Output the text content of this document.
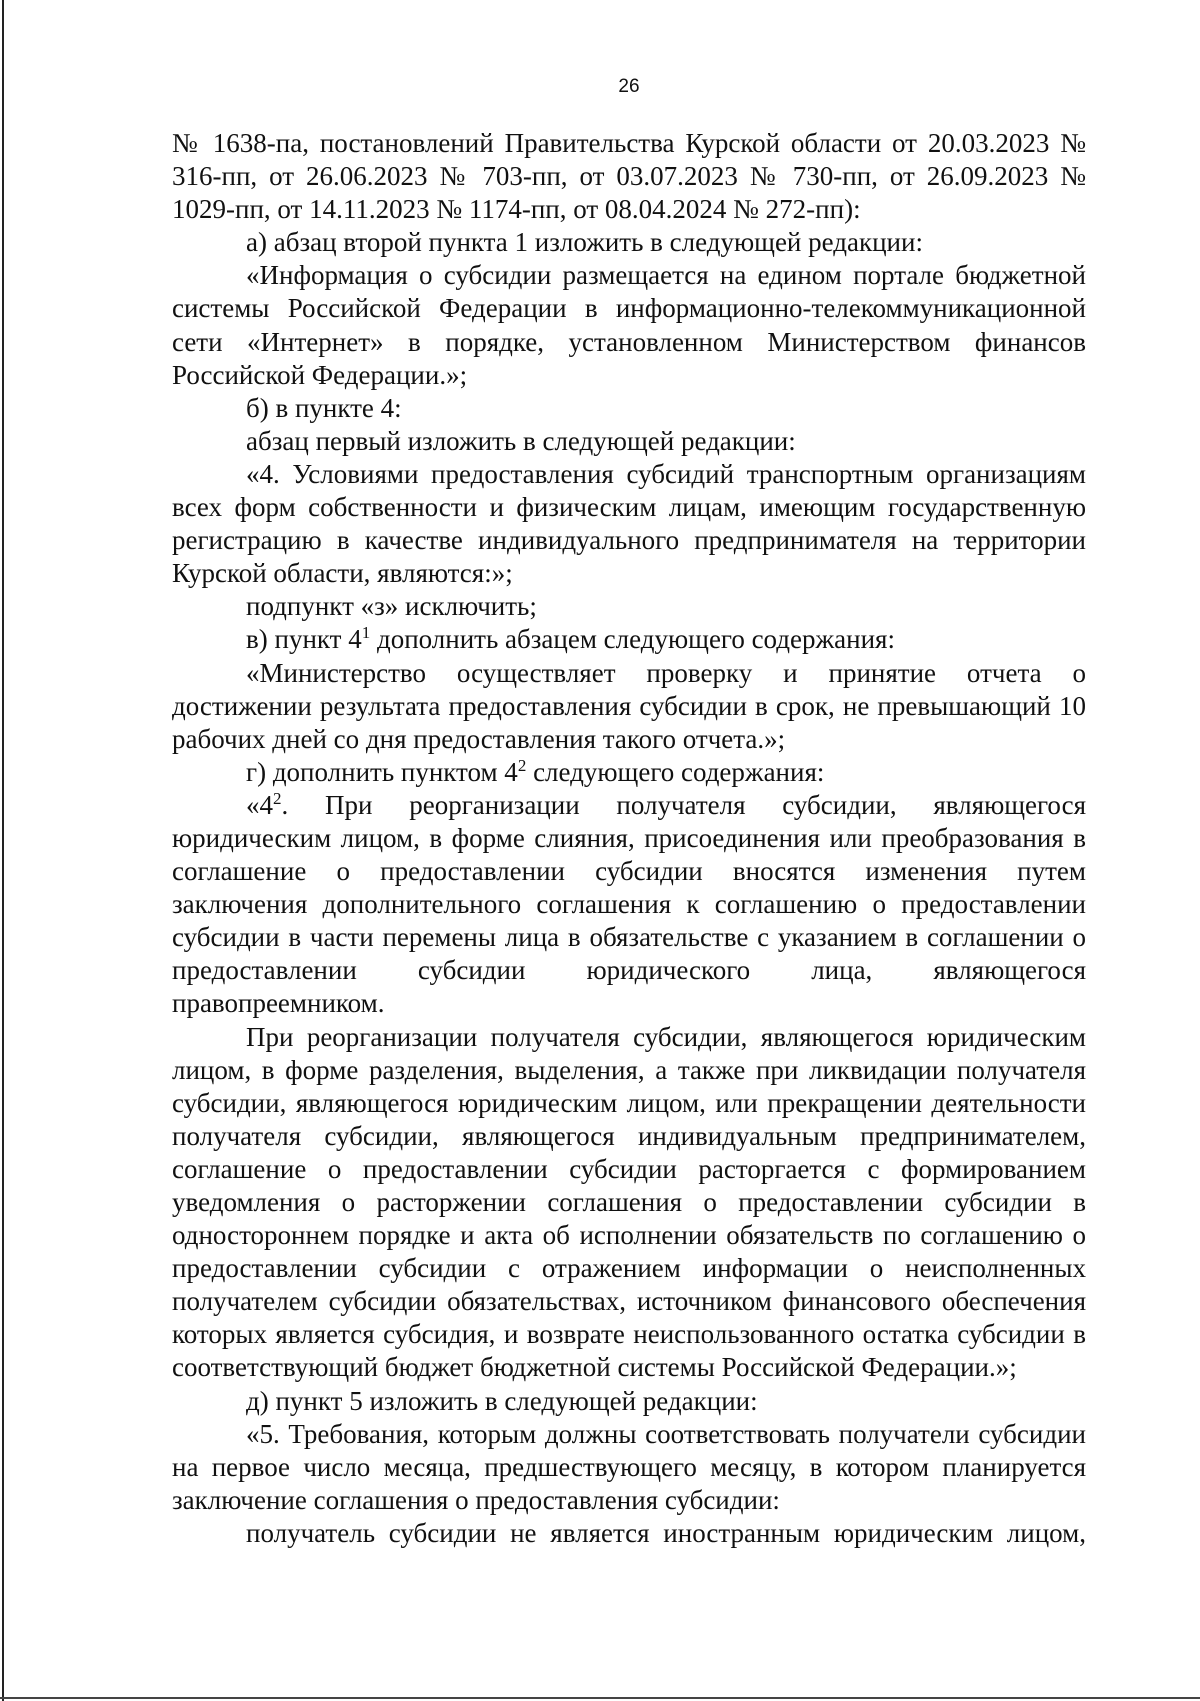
26

№ 1638-па, постановлений Правительства Курской области от 20.03.2023 № 316-пп, от 26.06.2023 № 703-пп, от 03.07.2023 № 730-пп, от 26.09.2023 № 1029-пп, от 14.11.2023 № 1174-пп, от 08.04.2024 № 272-пп):

а) абзац второй пункта 1 изложить в следующей редакции:

«Информация о субсидии размещается на едином портале бюджетной системы Российской Федерации в информационно-телекоммуникационной сети «Интернет» в порядке, установленном Министерством финансов Российской Федерации.»;

б) в пункте 4:

абзац первый изложить в следующей редакции:

«4. Условиями предоставления субсидий транспортным организациям всех форм собственности и физическим лицам, имеющим государственную регистрацию в качестве индивидуального предпринимателя на территории Курской области, являются:»;

подпункт «з» исключить;

в) пункт $4^1$ дополнить абзацем следующего содержания:

«Министерство осуществляет проверку и принятие отчета о достижении результата предоставления субсидии в срок, не превышающий 10 рабочих дней со дня предоставления такого отчета.»;

г) дополнить пунктом $4^2$ следующего содержания:

«$4^2$. При реорганизации получателя субсидии, являющегося юридическим лицом, в форме слияния, присоединения или преобразования в соглашение о предоставлении субсидии вносятся изменения путем заключения дополнительного соглашения к соглашению о предоставлении субсидии в части перемены лица в обязательстве с указанием в соглашении о предоставлении субсидии юридического лица, являющегося правопреемником.

При реорганизации получателя субсидии, являющегося юридическим лицом, в форме разделения, выделения, а также при ликвидации получателя субсидии, являющегося юридическим лицом, или прекращении деятельности получателя субсидии, являющегося индивидуальным предпринимателем, соглашение о предоставлении субсидии расторгается с формированием уведомления о расторжении соглашения о предоставлении субсидии в одностороннем порядке и акта об исполнении обязательств по соглашению о предоставлении субсидии с отражением информации о неисполненных получателем субсидии обязательствах, источником финансового обеспечения которых является субсидия, и возврате неиспользованного остатка субсидии в соответствующий бюджет бюджетной системы Российской Федерации.»;

д) пункт 5 изложить в следующей редакции:

«5. Требования, которым должны соответствовать получатели субсидии на первое число месяца, предшествующего месяцу, в котором планируется заключение соглашения о предоставления субсидии:

получатель субсидии не является иностранным юридическим лицом,
